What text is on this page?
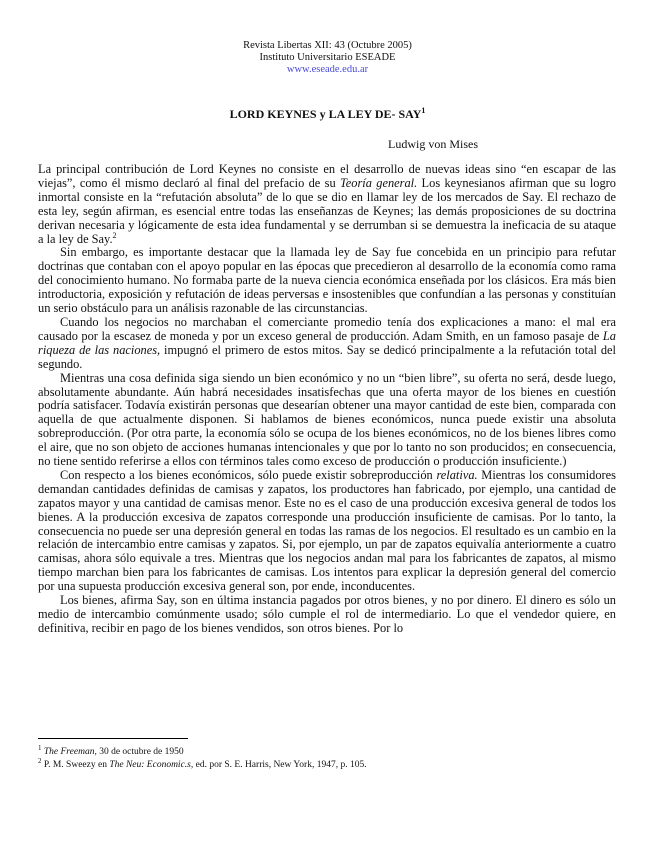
Revista Libertas XII: 43 (Octubre 2005)
Instituto Universitario ESEADE
www.eseade.edu.ar
LORD KEYNES y LA LEY DE- SAY$^1$
Ludwig von Mises

La principal contribución de Lord Keynes no consiste en el desarrollo de nuevas ideas sino “en escapar de las viejas”, como él mismo declaró al final del prefacio de su Teoría general. Los keynesianos afirman que su logro inmortal consiste en la “refutación absoluta” de lo que se dio en llamar ley de los mercados de Say. El rechazo de esta ley, según afirman, es esencial entre todas las enseñanzas de Keynes; las demás proposiciones de su doctrina derivan necesaria y lógicamente de esta idea fundamental y se derrumban si se demuestra la ineficacia de su ataque a la ley de Say.$^2$

Sin embargo, es importante destacar que la llamada ley de Say fue concebida en un principio para refutar doctrinas que contaban con el apoyo popular en las épocas que precedieron al desarrollo de la economía como rama del conocimiento humano. No formaba parte de la nueva ciencia económica enseñada por los clásicos. Era más bien introductoria, exposición y refutación de ideas perversas e insostenibles que confundían a las personas y constituían un serio obstáculo para un análisis razonable de las circunstancias.

Cuando los negocios no marchaban el comerciante promedio tenía dos explicaciones a mano: el mal era causado por la escasez de moneda y por un exceso general de producción. Adam Smith, en un famoso pasaje de La riqueza de las naciones, impugnó el primero de estos mitos. Say se dedicó principalmente a la refutación total del segundo.

Mientras una cosa definida siga siendo un bien económico y no un “bien libre”, su oferta no será, desde luego, absolutamente abundante. Aún habrá necesidades insatisfechas que una oferta mayor de los bienes en cuestión podría satisfacer. Todavía existirán personas que desearían obtener una mayor cantidad de este bien, comparada con aquella de que actualmente disponen. Si hablamos de bienes económicos, nunca puede existir una absoluta sobreproducción. (Por otra parte, la economía sólo se ocupa de los bienes económicos, no de los bienes libres como el aire, que no son objeto de acciones humanas intencionales y que por lo tanto no son producidos; en consecuencia, no tiene sentido referirse a ellos con términos tales como exceso de producción o producción insuficiente.)

Con respecto a los bienes económicos, sólo puede existir sobreproducción relativa. Mientras los consumidores demandan cantidades definidas de camisas y zapatos, los productores han fabricado, por ejemplo, una cantidad de zapatos mayor y una cantidad de camisas menor. Este no es el caso de una producción excesiva general de todos los bienes. A la producción excesiva de zapatos corresponde una producción insuficiente de camisas. Por lo tanto, la consecuencia no puede ser una depresión general en todas las ramas de los negocios. El resultado es un cambio en la relación de intercambio entre camisas y zapatos. Si, por ejemplo, un par de zapatos equivalía anteriormente a cuatro camisas, ahora sólo equivale a tres. Mientras que los negocios andan mal para los fabricantes de zapatos, al mismo tiempo marchan bien para los fabricantes de camisas. Los intentos para explicar la depresión general del comercio por una supuesta producción excesiva general son, por ende, inconducentes.

Los bienes, afirma Say, son en última instancia pagados por otros bienes, y no por dinero. El dinero es sólo un medio de intercambio comúnmente usado; sólo cumple el rol de intermediario. Lo que el vendedor quiere, en definitiva, recibir en pago de los bienes vendidos, son otros bienes. Por lo

$^1$ The Freeman, 30 de octubre de 1950
$^2$ P. M. Sweezy en The Neu: Economic.s, ed. por S. E. Harris, New York, 1947, p. 105.
